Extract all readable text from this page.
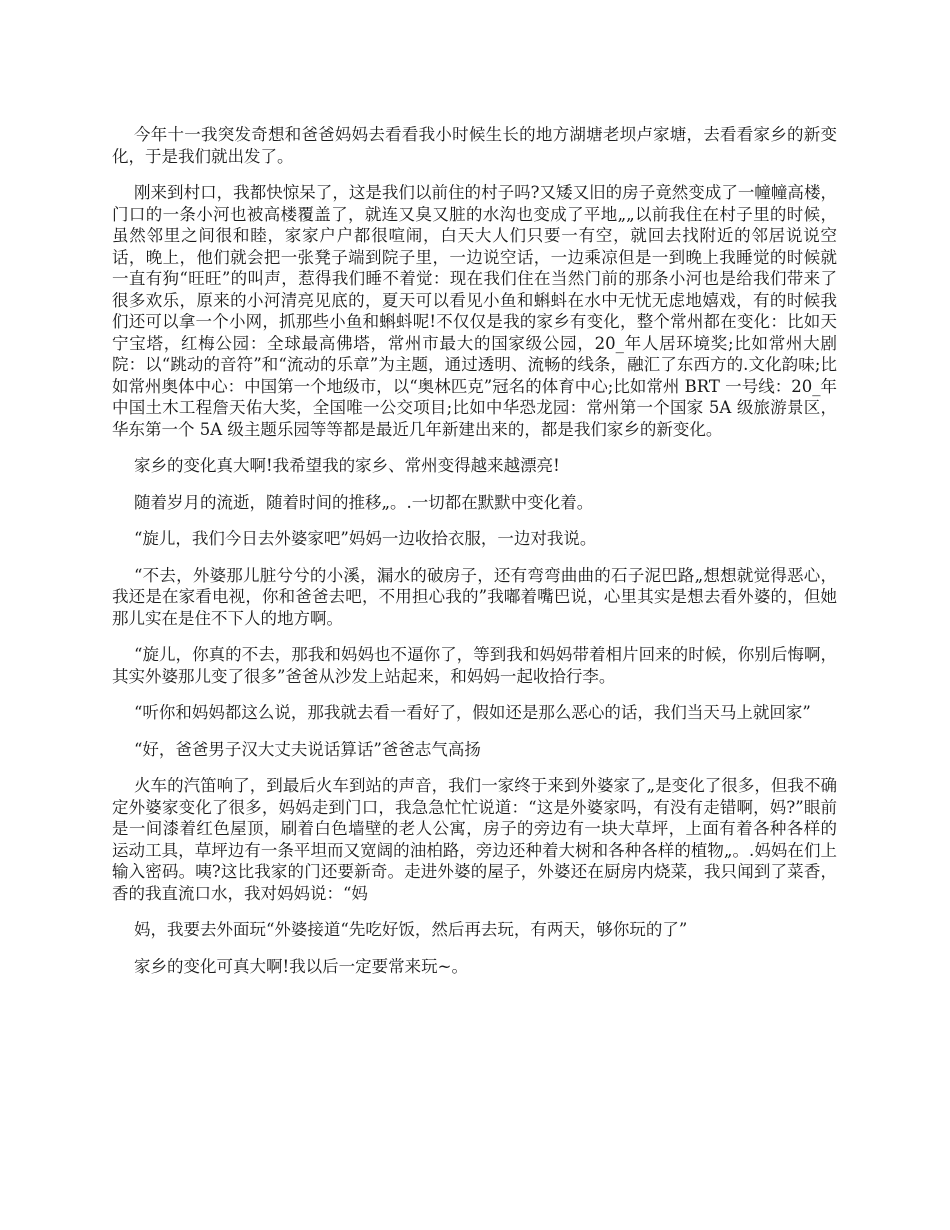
今年十一我突发奇想和爸爸妈妈去看看我小时候生长的地方湖塘老坝卢家塘，去看看家乡的新变化，于是我们就出发了。

刚来到村口，我都快惊呆了，这是我们以前住的村子吗?又矮又旧的房子竟然变成了一幢幢高楼，门口的一条小河也被高楼覆盖了，就连又臭又脏的水沟也变成了平地„„以前我住在村子里的时候，虽然邻里之间很和睦，家家户户都很喧闹，白天大人们只要一有空，就回去找附近的邻居说说空话，晚上，他们就会把一张凳子端到院子里，一边说空话，一边乘凉但是一到晚上我睡觉的时候就一直有狗“旺旺”的叫声，惹得我们睡不着觉：现在我们住在当然门前的那条小河也是给我们带来了很多欢乐，原来的小河清亮见底的，夏天可以看见小鱼和蝌蚪在水中无忧无虑地嬉戏，有的时候我们还可以拿一个小网，抓那些小鱼和蝌蚪呢!不仅仅是我的家乡有变化，整个常州都在变化：比如天宁宝塔，红梅公园：全球最高佛塔，常州市最大的国家级公园，20_年人居环境奖;比如常州大剧院：以“跳动的音符”和“流动的乐章”为主题，通过透明、流畅的线条，融汇了东西方的.文化韵味;比如常州奥体中心：中国第一个地级市，以“奥林匹克”冠名的体育中心;比如常州 BRT 一号线：20_年中国土木工程詹天佑大奖，全国唯一公交项目;比如中华恐龙园：常州第一个国家 5A 级旅游景区，华东第一个 5A 级主题乐园等等都是最近几年新建出来的，都是我们家乡的新变化。

家乡的变化真大啊!我希望我的家乡、常州变得越来越漂亮!

随着岁月的流逝，随着时间的推移„。.一切都在默默中变化着。

“旋儿，我们今日去外婆家吧”妈妈一边收拾衣服，一边对我说。

“不去，外婆那儿脏兮兮的小溪，漏水的破房子，还有弯弯曲曲的石子泥巴路„想想就觉得恶心，我还是在家看电视，你和爸爸去吧，不用担心我的”我嘟着嘴巴说，心里其实是想去看外婆的，但她那儿实在是住不下人的地方啊。

“旋儿，你真的不去，那我和妈妈也不逼你了，等到我和妈妈带着相片回来的时候，你别后悔啊，其实外婆那儿变了很多”爸爸从沙发上站起来，和妈妈一起收拾行李。

“听你和妈妈都这么说，那我就去看一看好了，假如还是那么恶心的话，我们当天马上就回家”

“好，爸爸男子汉大丈夫说话算话”爸爸志气高扬

火车的汽笛响了，到最后火车到站的声音，我们一家终于来到外婆家了„是变化了很多，但我不确定外婆家变化了很多，妈妈走到门口，我急急忙忙说道：“这是外婆家吗，有没有走错啊，妈?”眼前是一间漆着红色屋顶，刷着白色墙壁的老人公寓，房子的旁边有一块大草坪，上面有着各种各样的运动工具，草坪边有一条平坦而又宽阔的油柏路，旁边还种着大树和各种各样的植物„。.妈妈在们上输入密码。咦?这比我家的门还要新奇。走进外婆的屋子，外婆还在厨房内烧菜，我只闻到了菜香，香的我直流口水，我对妈妈说：“妈

妈，我要去外面玩“外婆接道“先吃好饭，然后再去玩，有两天，够你玩的了”

家乡的变化可真大啊!我以后一定要常来玩~。
